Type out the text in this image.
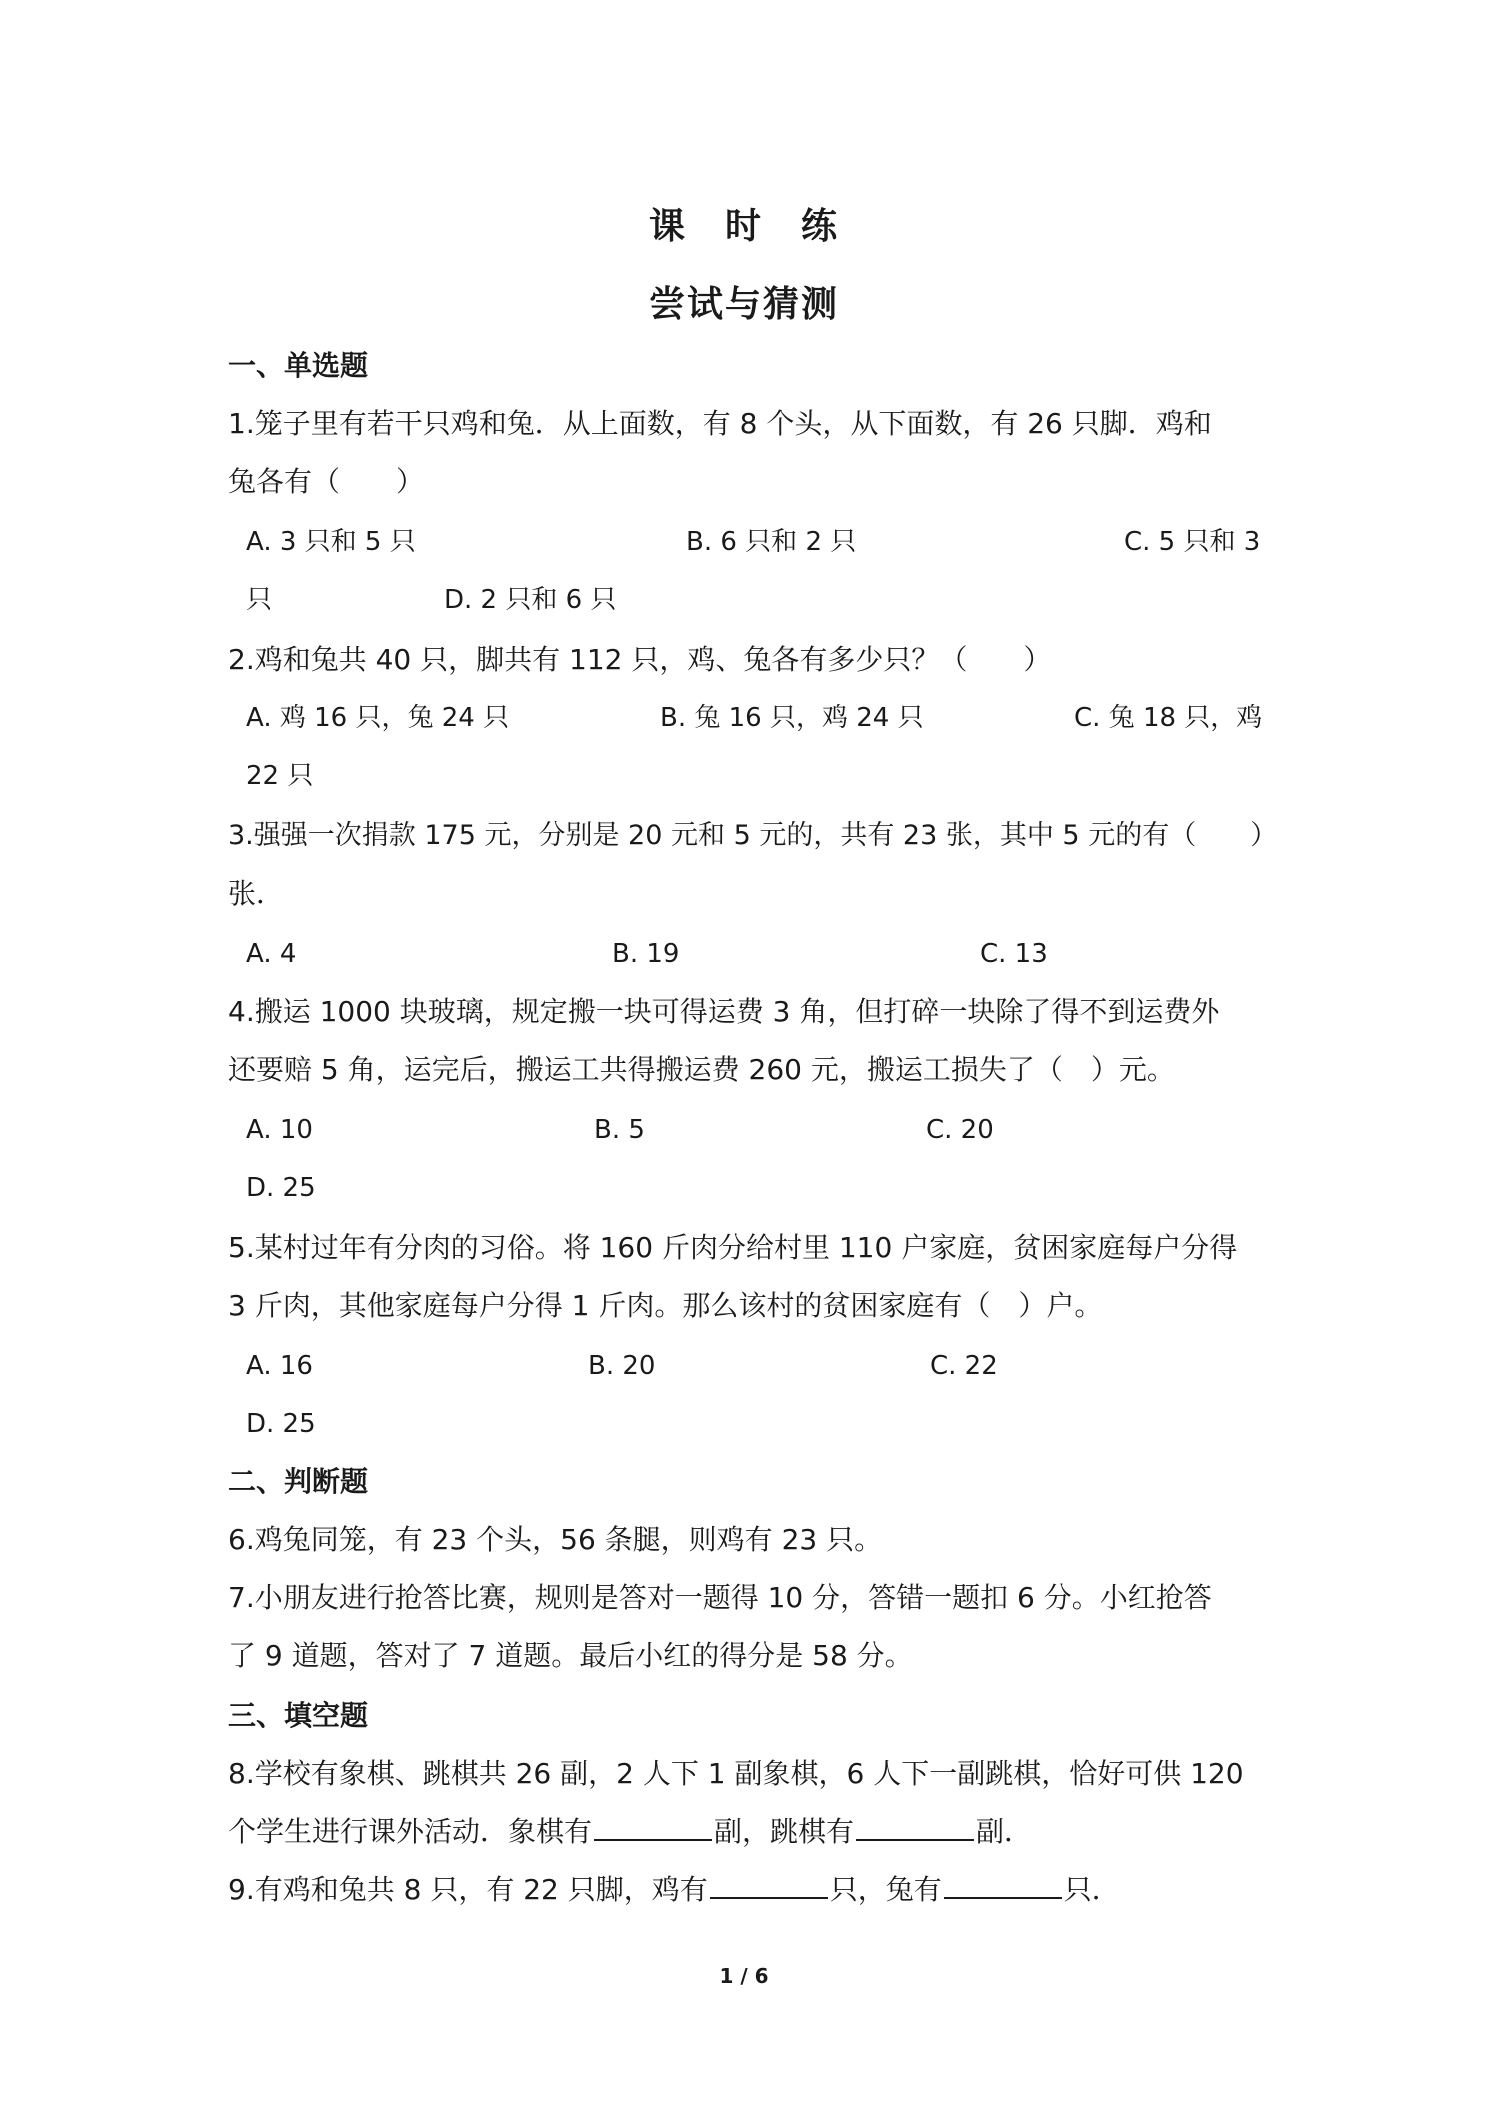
课　时　练
尝试与猜测
一、单选题
1.笼子里有若干只鸡和兔．从上面数，有 8 个头，从下面数，有 26 只脚．鸡和
兔各有（　　）
A. 3 只和 5 只	B. 6 只和 2 只	C. 5 只和 3
只	D. 2 只和 6 只
2.鸡和兔共 40 只，脚共有 112 只，鸡、兔各有多少只？（　　）
A. 鸡 16 只，兔 24 只	B. 兔 16 只，鸡 24 只	C. 兔 18 只，鸡
22 只
3.强强一次捐款 175 元，分别是 20 元和 5 元的，共有 23 张，其中 5 元的有（　　）
张．
A. 4	B. 19	C. 13
4.搬运 1000 块玻璃，规定搬一块可得运费 3 角，但打碎一块除了得不到运费外
还要赔 5 角，运完后，搬运工共得搬运费 260 元，搬运工损失了（　）元。
A. 10	B. 5	C. 20
D. 25
5.某村过年有分肉的习俗。将 160 斤肉分给村里 110 户家庭，贫困家庭每户分得
3 斤肉，其他家庭每户分得 1 斤肉。那么该村的贫困家庭有（　）户。
A. 16	B. 20	C. 22
D. 25
二、判断题
6.鸡兔同笼，有 23 个头，56 条腿，则鸡有 23 只。
7.小朋友进行抢答比赛，规则是答对一题得 10 分，答错一题扣 6 分。小红抢答
了 9 道题，答对了 7 道题。最后小红的得分是 58 分。
三、填空题
8.学校有象棋、跳棋共 26 副，2 人下 1 副象棋，6 人下一副跳棋，恰好可供 120
个学生进行课外活动．象棋有	副，跳棋有	副．
9.有鸡和兔共 8 只，有 22 只脚，鸡有	只，兔有	只．
1 / 6
